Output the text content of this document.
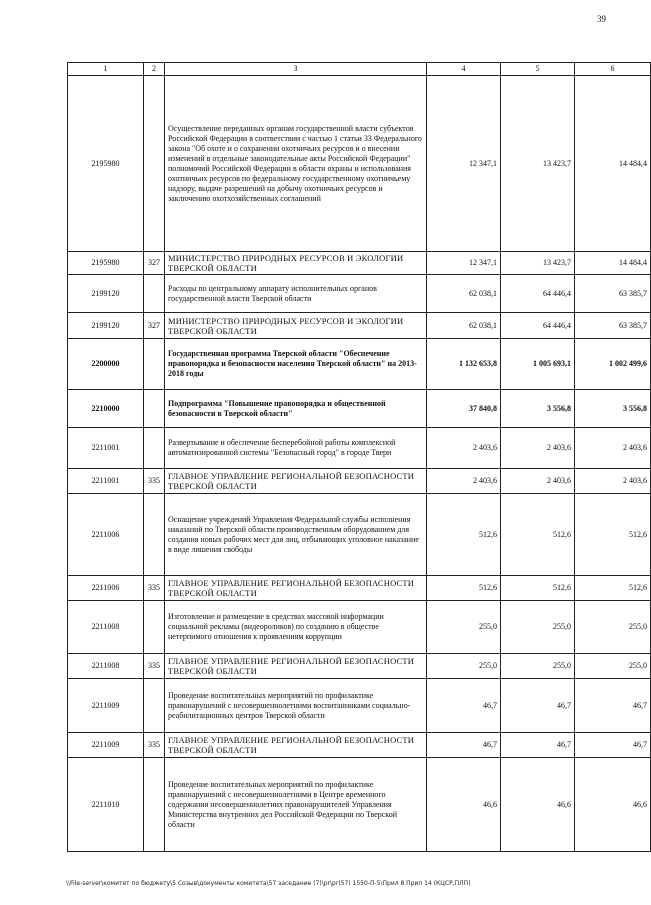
39
1	2	3	4	5	6
2195980		Осуществление переданных органам государственной власти субъектов Российской Федерации в соответствии с частью 1 статьи 33 Федерального закона "Об охоте и о сохранении охотничьих ресурсов и о внесении изменений в отдельные законодательные акты Российской Федерации" полномочий Российской Федерации в области охраны и использования охотничьих ресурсов по федеральному государственному охотничьему надзору, выдаче разрешений на добычу охотничьих ресурсов и заключению охотхозяйственных соглашений	12 347,1	13 423,7	14 484,4
2195980	327	МИНИСТЕРСТВО ПРИРОДНЫХ РЕСУРСОВ И ЭКОЛОГИИ ТВЕРСКОЙ ОБЛАСТИ	12 347,1	13 423,7	14 484,4
2199120		Расходы по центральному аппарату исполнительных органов государственной власти Тверской области	62 038,1	64 446,4	63 385,7
2199120	327	МИНИСТЕРСТВО ПРИРОДНЫХ РЕСУРСОВ И ЭКОЛОГИИ ТВЕРСКОЙ ОБЛАСТИ	62 038,1	64 446,4	63 385,7
2200000		Государственная программа Тверской области "Обеспечение правопорядка и безопасности населения Тверской области" на 2013-2018 годы	1 132 653,8	1 005 693,1	1 002 499,6
2210000		Подпрограмма "Повышение правопорядка и общественной безопасности в Тверской области"	37 840,8	3 556,8	3 556,8
2211001		Развертывание и обеспечение бесперебойной работы комплексной автоматизированной системы "Безопасный город" в городе Твери	2 403,6	2 403,6	2 403,6
2211001	335	ГЛАВНОЕ УПРАВЛЕНИЕ РЕГИОНАЛЬНОЙ БЕЗОПАСНОСТИ ТВЕРСКОЙ ОБЛАСТИ	2 403,6	2 403,6	2 403,6
2211006		Оснащение учреждений Управления Федеральной службы исполнения наказаний по Тверской области производственным оборудованием для создания новых рабочих мест для лиц, отбывающих уголовное наказание в виде лишения свободы	512,6	512,6	512,6
2211006	335	ГЛАВНОЕ УПРАВЛЕНИЕ РЕГИОНАЛЬНОЙ БЕЗОПАСНОСТИ ТВЕРСКОЙ ОБЛАСТИ	512,6	512,6	512,6
2211008		Изготовление и размещение в средствах массовой информации социальной рекламы (видеороликов) по созданию в обществе нетерпимого отношения к проявлениям коррупции	255,0	255,0	255,0
2211008	335	ГЛАВНОЕ УПРАВЛЕНИЕ РЕГИОНАЛЬНОЙ БЕЗОПАСНОСТИ ТВЕРСКОЙ ОБЛАСТИ	255,0	255,0	255,0
2211009		Проведение воспитательных мероприятий по профилактике правонарушений с несовершеннолетними воспитанниками социально-реабилитационных центров Тверской области	46,7	46,7	46,7
2211009	335	ГЛАВНОЕ УПРАВЛЕНИЕ РЕГИОНАЛЬНОЙ БЕЗОПАСНОСТИ ТВЕРСКОЙ ОБЛАСТИ	46,7	46,7	46,7
2211010		Проведение воспитательных мероприятий по профилактике правонарушений с несовершеннолетними в Центре временного содержания несовершеннолетних правонарушителей Управления Министерства внутренних дел Российской Федерации по Тверской области	46,6	46,6	46,6
\\File-server\комитет по бюджету\5 Созыв\документы комитета\57 заседание (7)\pr\pr(57) 1550-П-5\Прил 8 Прил 14 (КЦСР,ПЛП)
